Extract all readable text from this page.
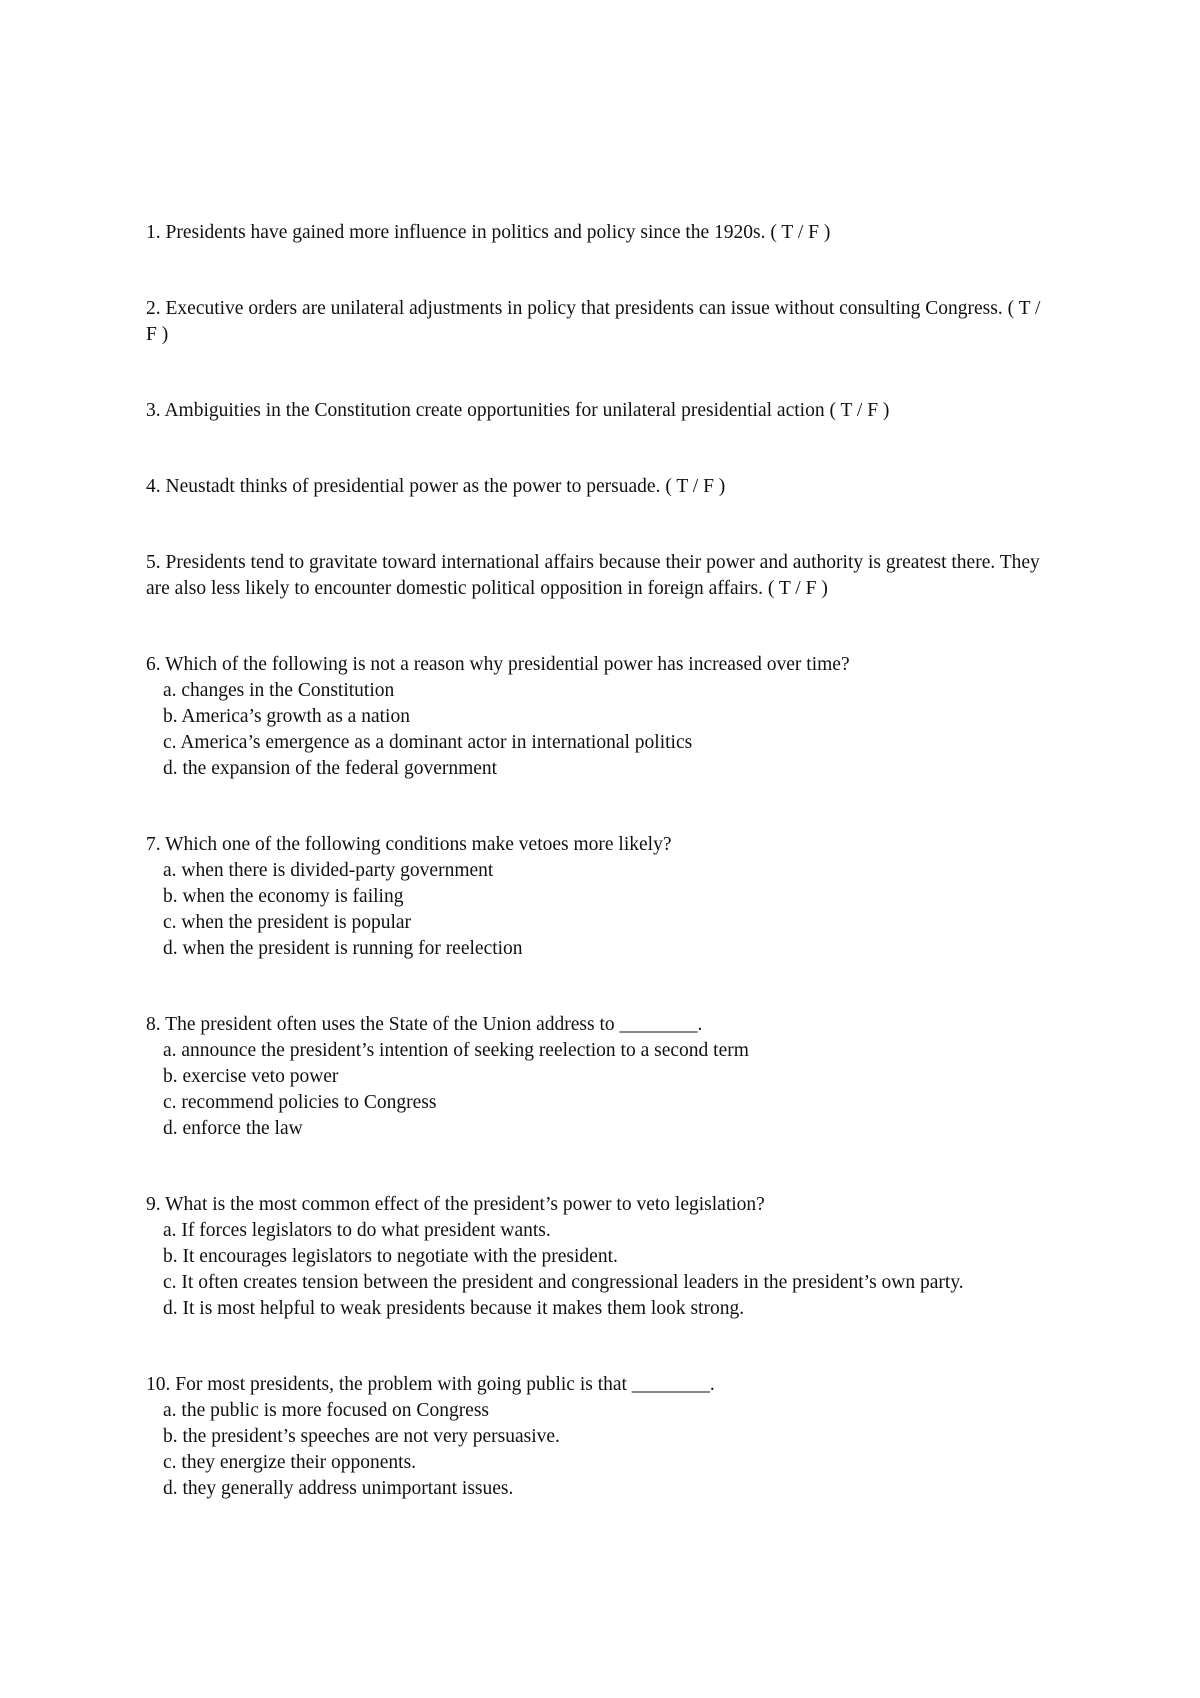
1. Presidents have gained more influence in politics and policy since the 1920s. ( T / F )
2. Executive orders are unilateral adjustments in policy that presidents can issue without consulting Congress. ( T / F )
3. Ambiguities in the Constitution create opportunities for unilateral presidential action ( T / F )
4. Neustadt thinks of presidential power as the power to persuade. ( T / F )
5. Presidents tend to gravitate toward international affairs because their power and authority is greatest there. They are also less likely to encounter domestic political opposition in foreign affairs. ( T / F )
6. Which of the following is not a reason why presidential power has increased over time?
a. changes in the Constitution
b. America’s growth as a nation
c. America’s emergence as a dominant actor in international politics
d. the expansion of the federal government
7. Which one of the following conditions make vetoes more likely?
a. when there is divided-party government
b. when the economy is failing
c. when the president is popular
d. when the president is running for reelection
8. The president often uses the State of the Union address to ________.
a. announce the president’s intention of seeking reelection to a second term
b. exercise veto power
c. recommend policies to Congress
d. enforce the law
9. What is the most common effect of the president’s power to veto legislation?
a. If forces legislators to do what president wants.
b. It encourages legislators to negotiate with the president.
c. It often creates tension between the president and congressional leaders in the president’s own party.
d. It is most helpful to weak presidents because it makes them look strong.
10. For most presidents, the problem with going public is that ________.
a. the public is more focused on Congress
b. the president’s speeches are not very persuasive.
c. they energize their opponents.
d. they generally address unimportant issues.
